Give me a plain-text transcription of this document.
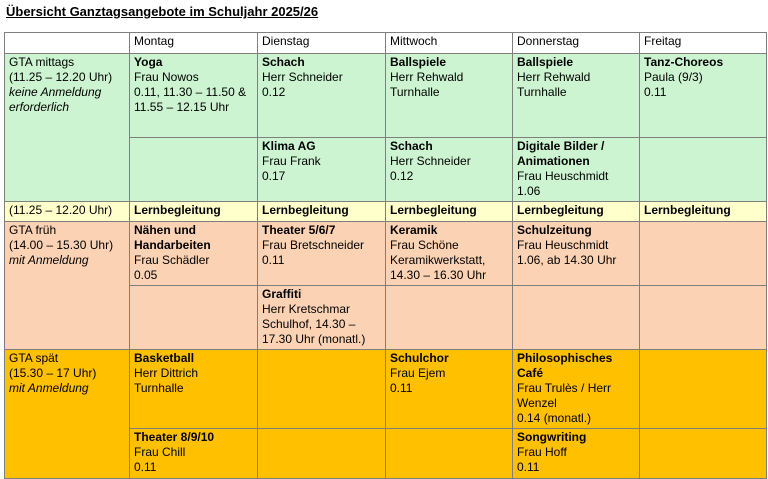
Übersicht Ganztagsangebote im Schuljahr 2025/26
	Montag	Dienstag	Mittwoch	Donnerstag	Freitag

GTA mittags
(11.25 – 12.20 Uhr)
keine Anmeldung
erforderlich	Yoga
Frau Nowos
0.11, 11.30 – 11.50 &
11.55 – 12.15 Uhr	Schach
Herr Schneider
0.12	Ballspiele
Herr Rehwald
Turnhalle	Ballspiele
Herr Rehwald
Turnhalle	Tanz-Choreos
Paula (9/3)
0.11

		Klima AG
Frau Frank
0.17	Schach
Herr Schneider
0.12	Digitale Bilder /
Animationen
Frau Heuschmidt
1.06	

(11.25 – 12.20 Uhr)	Lernbegleitung	Lernbegleitung	Lernbegleitung	Lernbegleitung	Lernbegleitung

GTA früh
(14.00 – 15.30 Uhr)
mit Anmeldung	Nähen und
Handarbeiten
Frau Schädler
0.05	Theater 5/6/7
Frau Bretschneider
0.11	Keramik
Frau Schöne
Keramikwerkstatt,
14.30 – 16.30 Uhr	Schulzeitung
Frau Heuschmidt
1.06, ab 14.30 Uhr	

		Graffiti
Herr Kretschmar
Schulhof, 14.30 –
17.30 Uhr (monatl.)			

GTA spät
(15.30 – 17 Uhr)
mit Anmeldung	Basketball
Herr Dittrich
Turnhalle		Schulchor
Frau Ejem
0.11	Philosophisches
Café
Frau Trulès / Herr
Wenzel
0.14 (monatl.)	

	Theater 8/9/10
Frau Chill
0.11			Songwriting
Frau Hoff
0.11	
